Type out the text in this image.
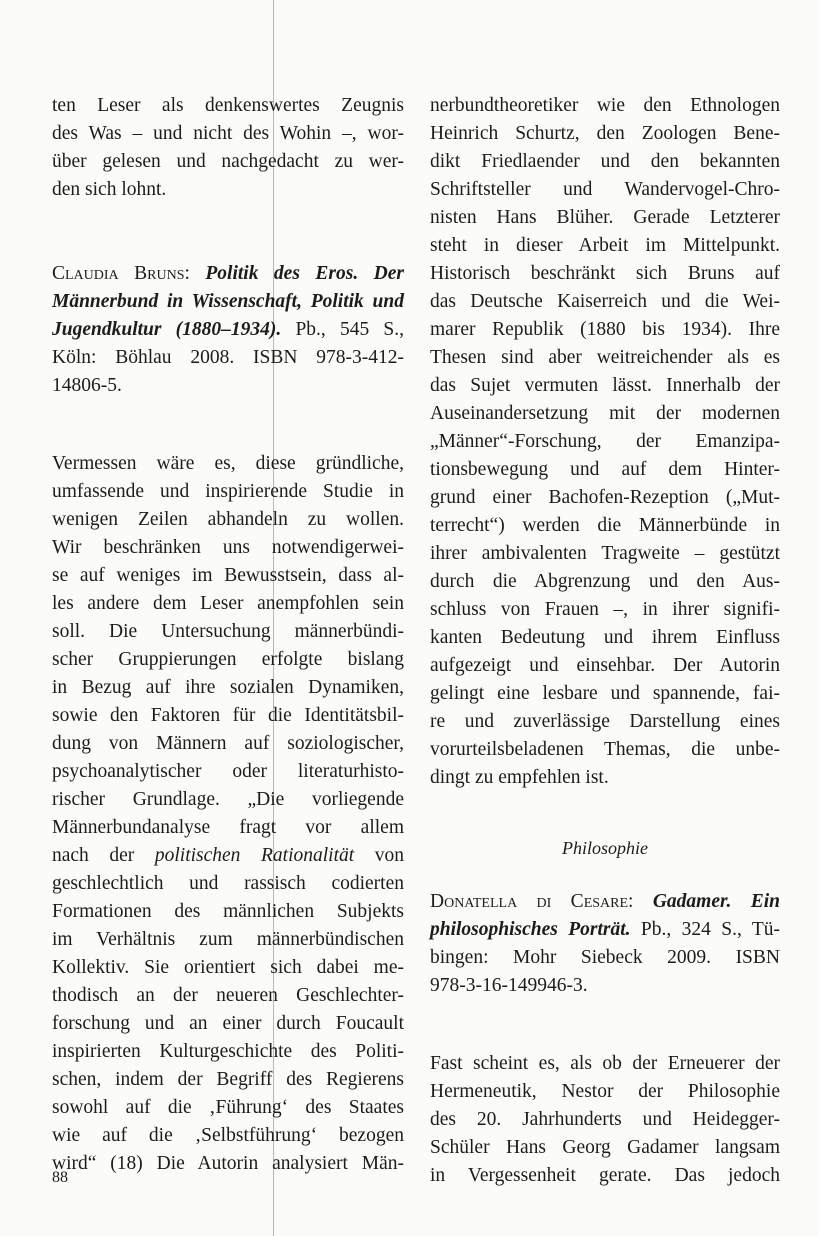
ten Leser als denkenswertes Zeugnis
des Was – und nicht des Wohin –, wor-
über gelesen und nachgedacht zu wer-
den sich lohnt.

Claudia Bruns: Politik des Eros. Der
Männerbund in Wissenschaft, Politik und
Jugendkultur (1880–1934). Pb., 545 S.,
Köln: Böhlau 2008. ISBN 978-3-412-
14806-5.

Vermessen wäre es, diese gründliche,
umfassende und inspirierende Studie in
wenigen Zeilen abhandeln zu wollen.
Wir beschränken uns notwendigerwei-
se auf weniges im Bewusstsein, dass al-
les andere dem Leser anempfohlen sein
soll. Die Untersuchung männerbündi-
scher Gruppierungen erfolgte bislang
in Bezug auf ihre sozialen Dynamiken,
sowie den Faktoren für die Identitätsbil-
dung von Männern auf soziologischer,
psychoanalytischer oder literaturhisto-
rischer Grundlage. „Die vorliegende
Männerbundanalyse fragt vor allem
nach der politischen Rationalität von
geschlechtlich und rassisch codierten
Formationen des männlichen Subjekts
im Verhältnis zum männerbündischen
Kollektiv. Sie orientiert sich dabei me-
thodisch an der neueren Geschlechter-
forschung und an einer durch Foucault
inspirierten Kulturgeschichte des Politi-
schen, indem der Begriff des Regierens
sowohl auf die ‚Führung‘ des Staates
wie auf die ‚Selbstführung‘ bezogen
wird“ (18) Die Autorin analysiert Män-

nerbundtheoretiker wie den Ethnologen
Heinrich Schurtz, den Zoologen Bene-
dikt Friedlaender und den bekannten
Schriftsteller und Wandervogel-Chro-
nisten Hans Blüher. Gerade Letzterer
steht in dieser Arbeit im Mittelpunkt.
Historisch beschränkt sich Bruns auf
das Deutsche Kaiserreich und die Wei-
marer Republik (1880 bis 1934). Ihre
Thesen sind aber weitreichender als es
das Sujet vermuten lässt. Innerhalb der
Auseinandersetzung mit der modernen
„Männer“-Forschung, der Emanzipa-
tionsbewegung und auf dem Hinter-
grund einer Bachofen-Rezeption („Mut-
terrecht“) werden die Männerbünde in
ihrer ambivalenten Tragweite – gestützt
durch die Abgrenzung und den Aus-
schluss von Frauen –, in ihrer signifi-
kanten Bedeutung und ihrem Einfluss
aufgezeigt und einsehbar. Der Autorin
gelingt eine lesbare und spannende, fai-
re und zuverlässige Darstellung eines
vorurteilsbeladenen Themas, die unbe-
dingt zu empfehlen ist.

Philosophie

Donatella di Cesare: Gadamer. Ein
philosophisches Porträt. Pb., 324 S., Tü-
bingen: Mohr Siebeck 2009. ISBN
978-3-16-149946-3.

Fast scheint es, als ob der Erneuerer der
Hermeneutik, Nestor der Philosophie
des 20. Jahrhunderts und Heidegger-
Schüler Hans Georg Gadamer langsam
in Vergessenheit gerate. Das jedoch

88
